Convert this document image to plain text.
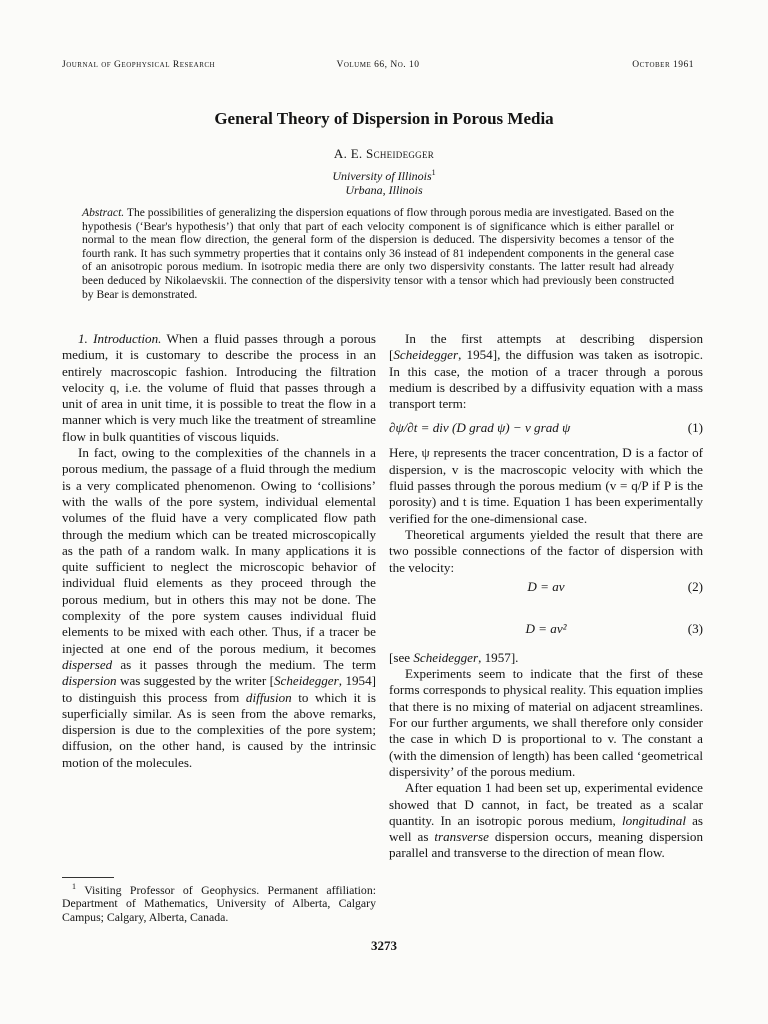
Journal of Geophysical Research	Volume 66, No. 10	October 1961
General Theory of Dispersion in Porous Media
A. E. Scheidegger
University of Illinois$^1$
Urbana, Illinois
Abstract. The possibilities of generalizing the dispersion equations of flow through porous media are investigated. Based on the hypothesis (‘Bear's hypothesis’) that only that part of each velocity component is of significance which is either parallel or normal to the mean flow direction, the general form of the dispersion is deduced. The dispersivity becomes a tensor of the fourth rank. It has such symmetry properties that it contains only 36 instead of 81 independent components in the general case of an anisotropic porous medium. In isotropic media there are only two dispersivity constants. The latter result had already been deduced by Nikolaevskii. The connection of the dispersivity tensor with a tensor which had previously been constructed by Bear is demonstrated.

1. Introduction. When a fluid passes through a porous medium, it is customary to describe the process in an entirely macroscopic fashion. Introducing the filtration velocity q, i.e. the volume of fluid that passes through a unit of area in unit time, it is possible to treat the flow in a manner which is very much like the treatment of streamline flow in bulk quantities of viscous liquids.

In fact, owing to the complexities of the channels in a porous medium, the passage of a fluid through the medium is a very complicated phenomenon. Owing to ‘collisions’ with the walls of the pore system, individual elemental volumes of the fluid have a very complicated flow path through the medium which can be treated microscopically as the path of a random walk. In many applications it is quite sufficient to neglect the microscopic behavior of individual fluid elements as they proceed through the porous medium, but in others this may not be done. The complexity of the pore system causes individual fluid elements to be mixed with each other. Thus, if a tracer be injected at one end of the porous medium, it becomes dispersed as it passes through the medium. The term dispersion was suggested by the writer [Scheidegger, 1954] to distinguish this process from diffusion to which it is superficially similar. As is seen from the above remarks, dispersion is due to the complexities of the pore system; diffusion, on the other hand, is caused by the intrinsic motion of the molecules.

$^1$ Visiting Professor of Geophysics. Permanent affiliation: Department of Mathematics, University of Alberta, Calgary Campus; Calgary, Alberta, Canada.

In the first attempts at describing dispersion [Scheidegger, 1954], the diffusion was taken as isotropic. In this case, the motion of a tracer through a porous medium is described by a diffusivity equation with a mass transport term:

∂ψ/∂t = div (D grad ψ) − v grad ψ	(1)

Here, ψ represents the tracer concentration, D is a factor of dispersion, v is the macroscopic velocity with which the fluid passes through the porous medium (v = q/P if P is the porosity) and t is time. Equation 1 has been experimentally verified for the one-dimensional case.

Theoretical arguments yielded the result that there are two possible connections of the factor of dispersion with the velocity:

D = av	(2)
D = av²	(3)

[see Scheidegger, 1957].

Experiments seem to indicate that the first of these forms corresponds to physical reality. This equation implies that there is no mixing of material on adjacent streamlines. For our further arguments, we shall therefore only consider the case in which D is proportional to v. The constant a (with the dimension of length) has been called ‘geometrical dispersivity’ of the porous medium.

After equation 1 had been set up, experimental evidence showed that D cannot, in fact, be treated as a scalar quantity. In an isotropic porous medium, longitudinal as well as transverse dispersion occurs, meaning dispersion parallel and transverse to the direction of mean flow.

3273
